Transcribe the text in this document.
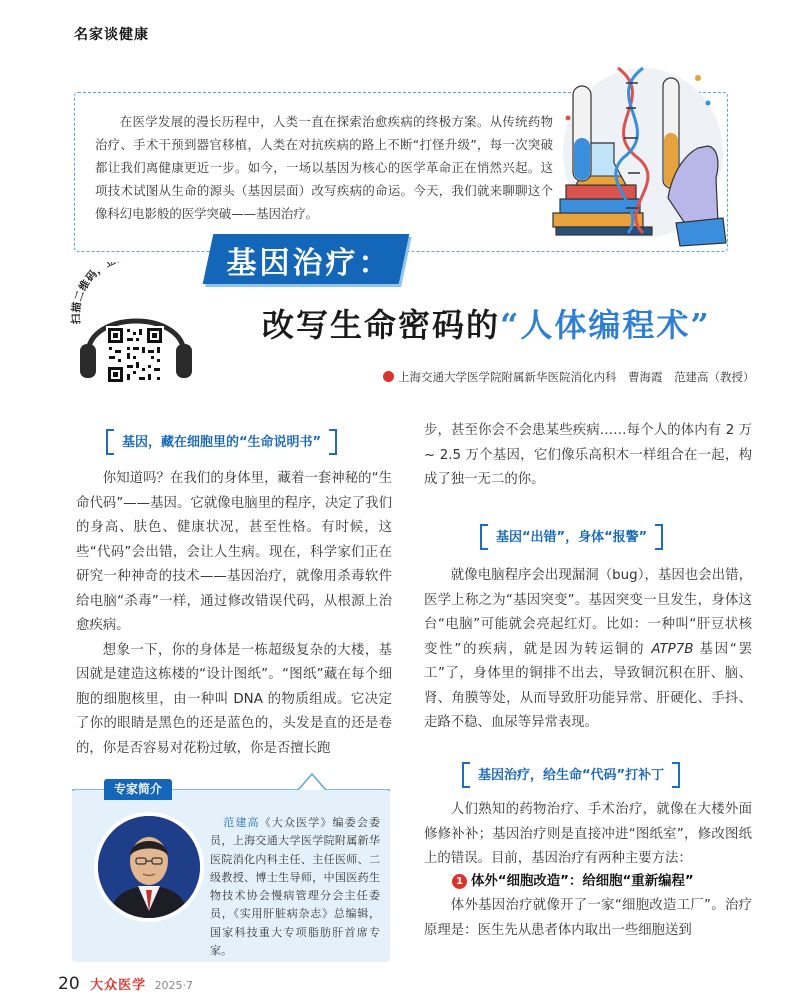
名家谈健康

在医学发展的漫长历程中，人类一直在探索治愈疾病的终极方案。从传统药物治疗、手术干预到器官移植，人类在对抗疾病的路上不断“打怪升级”，每一次突破都让我们离健康更近一步。如今，一场以基因为核心的医学革命正在悄然兴起。这项技术试图从生命的源头（基因层面）改写疾病的命运。今天，我们就来聊聊这个像科幻电影般的医学突破——基因治疗。

基因治疗：
改写生命密码的“人体编程术”
扫描二维码，立
上海交通大学医学院附属新华医院消化内科　曹海霞　范建高（教授）
基因，藏在细胞里的“生命说明书”

你知道吗？在我们的身体里，藏着一套神秘的“生命代码”——基因。它就像电脑里的程序，决定了我们的身高、肤色、健康状况，甚至性格。有时候，这些“代码”会出错，会让人生病。现在，科学家们正在研究一种神奇的技术——基因治疗，就像用杀毒软件给电脑“杀毒”一样，通过修改错误代码，从根源上治愈疾病。

想象一下，你的身体是一栋超级复杂的大楼，基因就是建造这栋楼的“设计图纸”。“图纸”藏在每个细胞的细胞核里，由一种叫 DNA 的物质组成。它决定了你的眼睛是黑色的还是蓝色的，头发是直的还是卷的，你是否容易对花粉过敏，你是否擅长跑

步，甚至你会不会患某些疾病……每个人的体内有 2 万~ 2.5 万个基因，它们像乐高积木一样组合在一起，构成了独一无二的你。

基因“出错”，身体“报警”

就像电脑程序会出现漏洞（bug），基因也会出错，医学上称之为“基因突变”。基因突变一旦发生，身体这台“电脑”可能就会亮起红灯。比如：一种叫“肝豆状核变性”的疾病，就是因为转运铜的 ATP7B 基因“罢工”了，身体里的铜排不出去，导致铜沉积在肝、脑、肾、角膜等处，从而导致肝功能异常、肝硬化、手抖、走路不稳、血尿等异常表现。

基因治疗，给生命“代码”打补丁

人们熟知的药物治疗、手术治疗，就像在大楼外面修修补补；基因治疗则是直接冲进“图纸室”，修改图纸上的错误。目前，基因治疗有两种主要方法：

1 体外“细胞改造”：给细胞“重新编程”

体外基因治疗就像开了一家“细胞改造工厂”。治疗原理是：医生先从患者体内取出一些细胞送到

专家简介

范建高《大众医学》编委会委员，上海交通大学医学院附属新华医院消化内科主任、主任医师、二级教授、博士生导师，中国医药生物技术协会慢病管理分会主任委员，《实用肝脏病杂志》总编辑，国家科技重大专项脂肪肝首席专家。

20 大众医学 2025·7
